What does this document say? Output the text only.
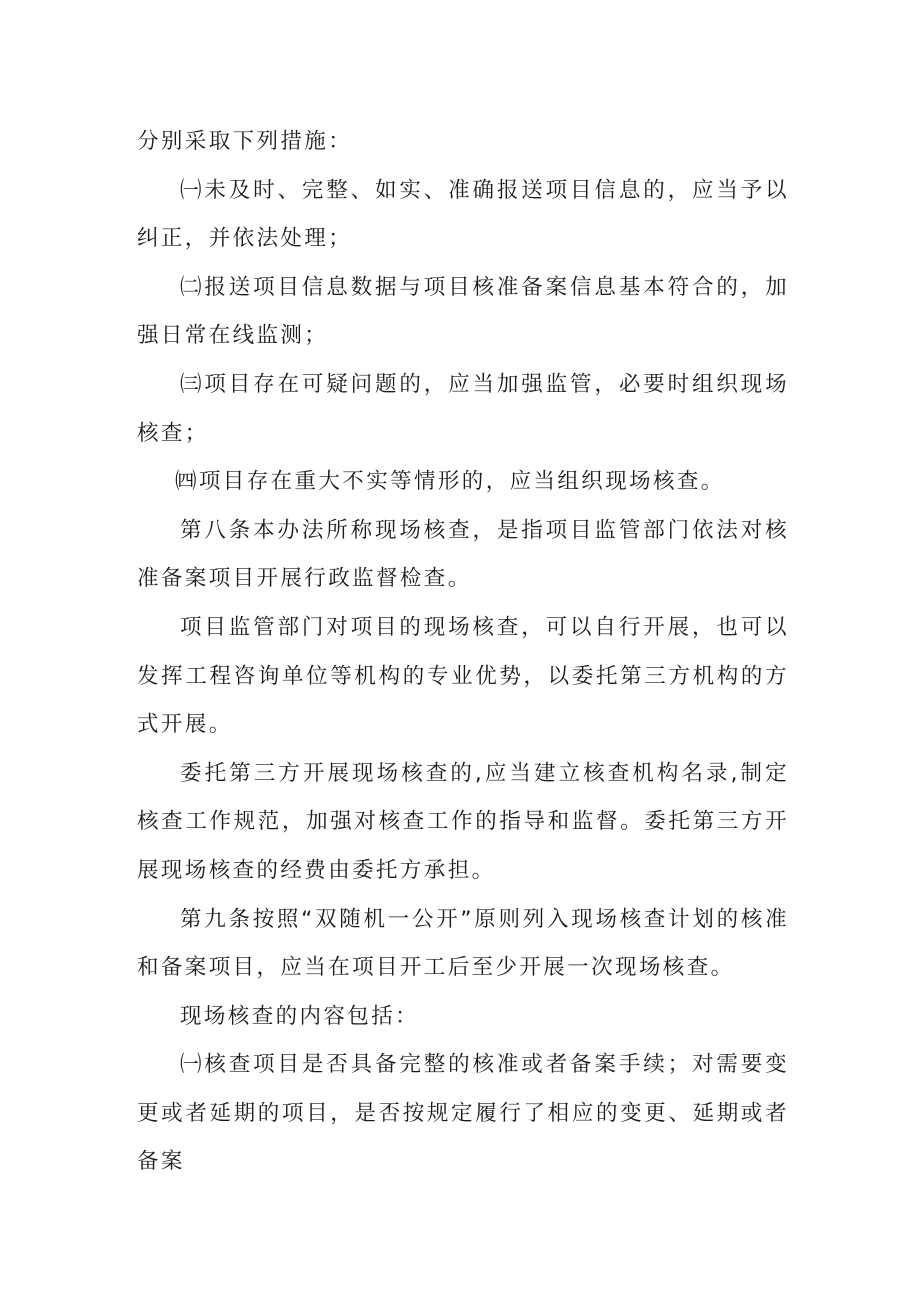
分别采取下列措施：

㈠未及时、完整、如实、准确报送项目信息的，应当予以纠正，并依法处理；

㈡报送项目信息数据与项目核准备案信息基本符合的，加强日常在线监测；

㈢项目存在可疑问题的，应当加强监管，必要时组织现场核查；

㈣项目存在重大不实等情形的，应当组织现场核查。

第八条本办法所称现场核查，是指项目监管部门依法对核准备案项目开展行政监督检查。

项目监管部门对项目的现场核查，可以自行开展，也可以发挥工程咨询单位等机构的专业优势，以委托第三方机构的方式开展。

委托第三方开展现场核查的,应当建立核查机构名录,制定核查工作规范，加强对核查工作的指导和监督。委托第三方开展现场核查的经费由委托方承担。

第九条按照“双随机一公开”原则列入现场核查计划的核准和备案项目，应当在项目开工后至少开展一次现场核查。

现场核查的内容包括：

㈠核查项目是否具备完整的核准或者备案手续；对需要变更或者延期的项目，是否按规定履行了相应的变更、延期或者备案
